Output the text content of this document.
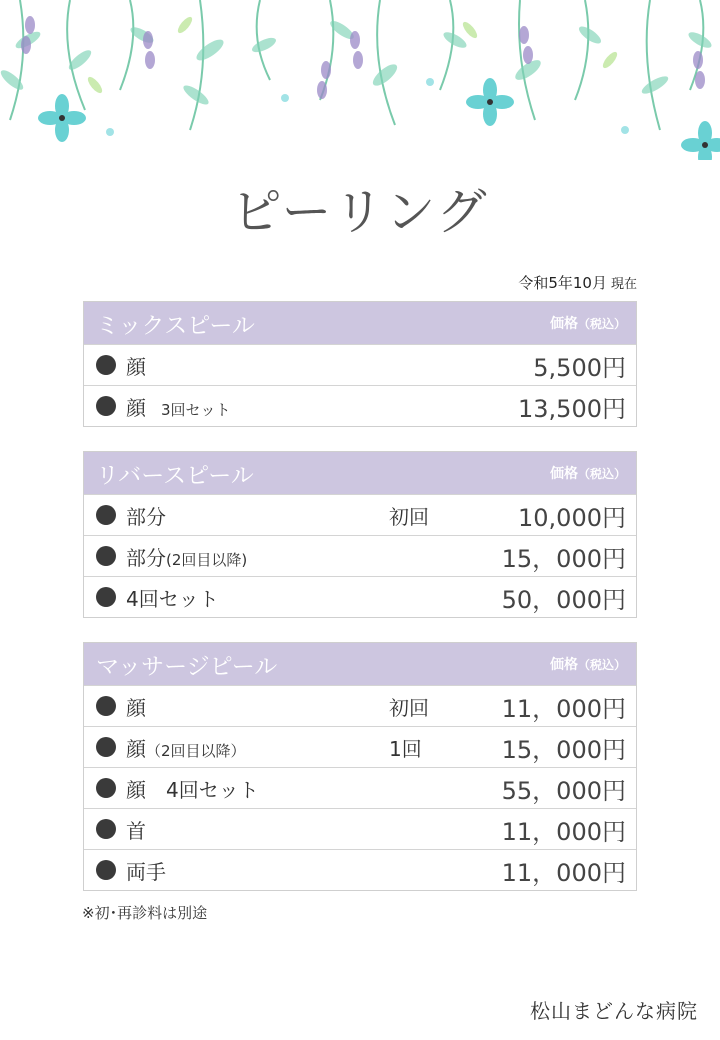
ピーリング
令和5年10月 現在
ミックスピール	価格（税込）
顔	5,500円
顔　3回セット	13,500円
リバースピール	価格（税込）
部分	初回	10,000円
部分(2回目以降)	15，000円
4回セット	50，000円
マッサージピール	価格（税込）
顔	初回	11，000円
顔（2回目以降）	1回	15，000円
顔　4回セット	55，000円
首	11，000円
両手	11，000円
※初･再診料は別途
松山まどんな病院
